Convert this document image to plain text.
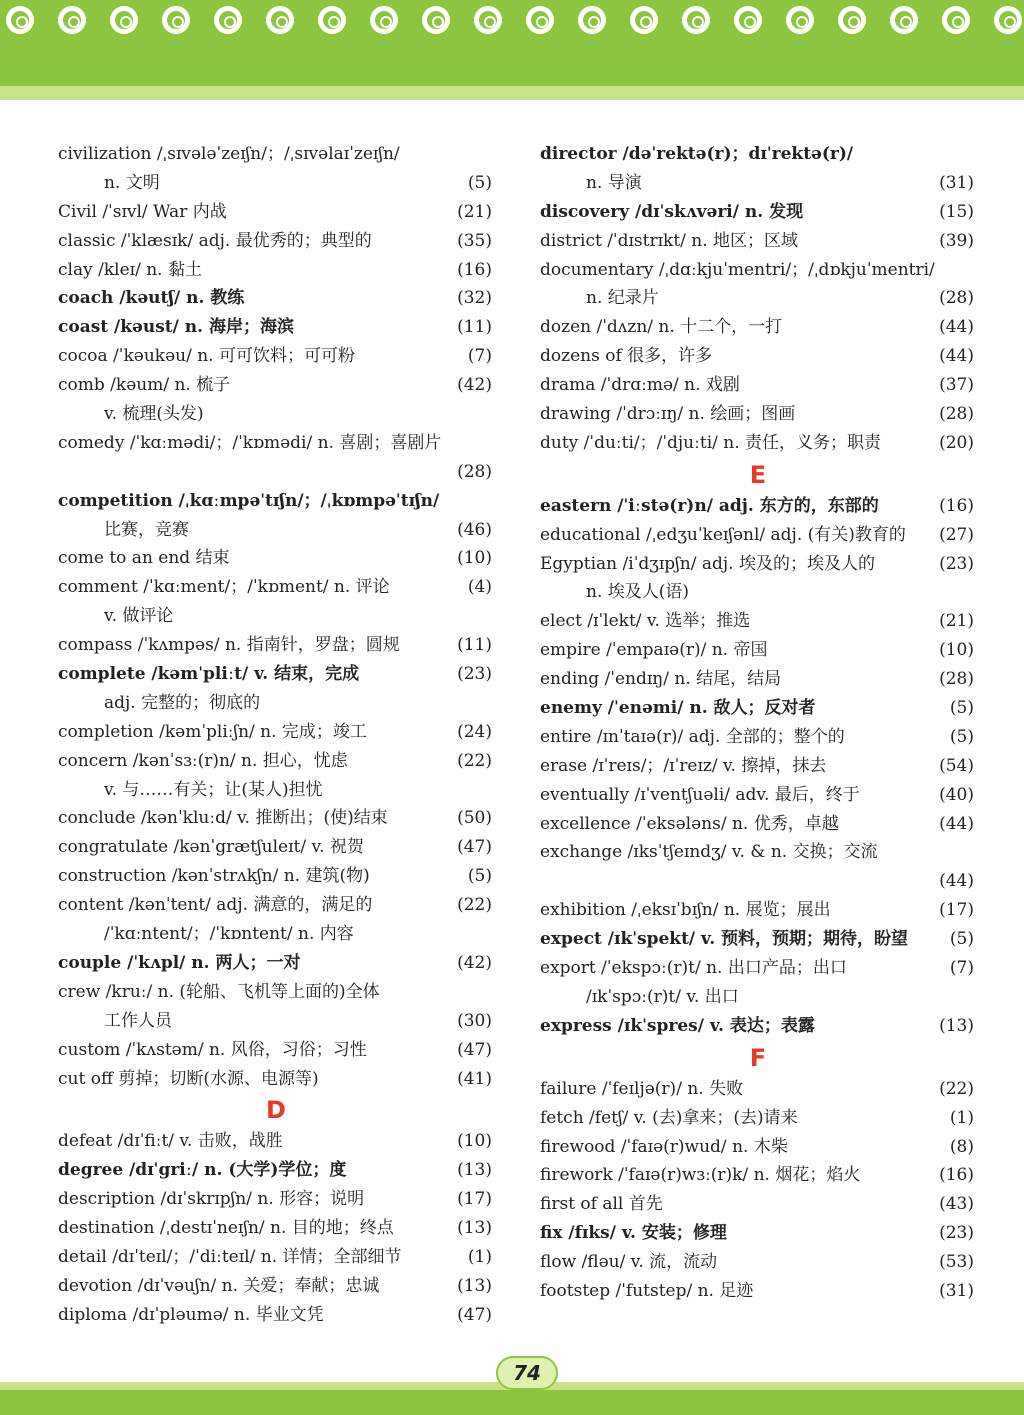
civilization /ˌsɪvələˈzeɪʃn/；/ˌsɪvəlaɪˈzeɪʃn/
n. 文明	(5)
Civil /ˈsɪvl/ War 内战	(21)
classic /ˈklæsɪk/ adj. 最优秀的；典型的	(35)
clay /kleɪ/ n. 黏土	(16)
coach /kəutʃ/ n. 教练	(32)
coast /kəust/ n. 海岸；海滨	(11)
cocoa /ˈkəukəu/ n. 可可饮料；可可粉	(7)
comb /kəum/ n. 梳子	(42)
v. 梳理(头发)
comedy /ˈkɑːmədi/；/ˈkɒmədi/ n. 喜剧；喜剧片
(28)
competition /ˌkɑːmpəˈtɪʃn/；/ˌkɒmpəˈtɪʃn/
比赛，竞赛	(46)
come to an end 结束	(10)
comment /ˈkɑːment/；/ˈkɒment/ n. 评论	(4)
v. 做评论
compass /ˈkʌmpəs/ n. 指南针，罗盘；圆规	(11)
complete /kəmˈpliːt/ v. 结束，完成	(23)
adj. 完整的；彻底的
completion /kəmˈpliːʃn/ n. 完成；竣工	(24)
concern /kənˈsɜː(r)n/ n. 担心，忧虑	(22)
v. 与……有关；让(某人)担忧
conclude /kənˈkluːd/ v. 推断出；(使)结束	(50)
congratulate /kənˈgrætʃuleɪt/ v. 祝贺	(47)
construction /kənˈstrʌkʃn/ n. 建筑(物)	(5)
content /kənˈtent/ adj. 满意的，满足的	(22)
/ˈkɑːntent/；/ˈkɒntent/ n. 内容
couple /ˈkʌpl/ n. 两人；一对	(42)
crew /kruː/ n. (轮船、飞机等上面的)全体
工作人员	(30)
custom /ˈkʌstəm/ n. 风俗，习俗；习性	(47)
cut off 剪掉；切断(水源、电源等)	(41)
D
defeat /dɪˈfiːt/ v. 击败，战胜	(10)
degree /dɪˈgriː/ n. (大学)学位；度	(13)
description /dɪˈskrɪpʃn/ n. 形容；说明	(17)
destination /ˌdestɪˈneɪʃn/ n. 目的地；终点	(13)
detail /dɪˈteɪl/；/ˈdiːteɪl/ n. 详情；全部细节	(1)
devotion /dɪˈvəuʃn/ n. 关爱；奉献；忠诚	(13)
diploma /dɪˈpləumə/ n. 毕业文凭	(47)
director /dəˈrektə(r)；dɪˈrektə(r)/
n. 导演	(31)
discovery /dɪˈskʌvəri/ n. 发现	(15)
district /ˈdɪstrɪkt/ n. 地区；区域	(39)
documentary /ˌdɑːkjuˈmentri/；/ˌdɒkjuˈmentri/
n. 纪录片	(28)
dozen /ˈdʌzn/ n. 十二个，一打	(44)
dozens of 很多，许多	(44)
drama /ˈdrɑːmə/ n. 戏剧	(37)
drawing /ˈdrɔːɪŋ/ n. 绘画；图画	(28)
duty /ˈduːti/；/ˈdjuːti/ n. 责任，义务；职责	(20)
E
eastern /ˈiːstə(r)n/ adj. 东方的，东部的	(16)
educational /ˌedʒuˈkeɪʃənl/ adj. (有关)教育的 (27)
Egyptian /iˈdʒɪpʃn/ adj. 埃及的；埃及人的	(23)
n. 埃及人(语)
elect /ɪˈlekt/ v. 选举；推选	(21)
empire /ˈempaɪə(r)/ n. 帝国	(10)
ending /ˈendɪŋ/ n. 结尾，结局	(28)
enemy /ˈenəmi/ n. 敌人；反对者	(5)
entire /ɪnˈtaɪə(r)/ adj. 全部的；整个的	(5)
erase /ɪˈreɪs/；/ɪˈreɪz/ v. 擦掉，抹去	(54)
eventually /ɪˈventʃuəli/ adv. 最后，终于	(40)
excellence /ˈeksələns/ n. 优秀，卓越	(44)
exchange /ɪksˈtʃeɪndʒ/ v. & n. 交换；交流
(44)
exhibition /ˌeksɪˈbɪʃn/ n. 展览；展出	(17)
expect /ɪkˈspekt/ v. 预料，预期；期待，盼望 (5)
export /ˈekspɔː(r)t/ n. 出口产品；出口	(7)
/ɪkˈspɔː(r)t/ v. 出口
express /ɪkˈspres/ v. 表达；表露	(13)
F
failure /ˈfeɪljə(r)/ n. 失败	(22)
fetch /fetʃ/ v. (去)拿来；(去)请来	(1)
firewood /ˈfaɪə(r)wud/ n. 木柴	(8)
firework /ˈfaɪə(r)wɜː(r)k/ n. 烟花；焰火	(16)
first of all 首先	(43)
fix /fɪks/ v. 安装；修理	(23)
flow /fləu/ v. 流，流动	(53)
footstep /ˈfutstep/ n. 足迹	(31)
74
